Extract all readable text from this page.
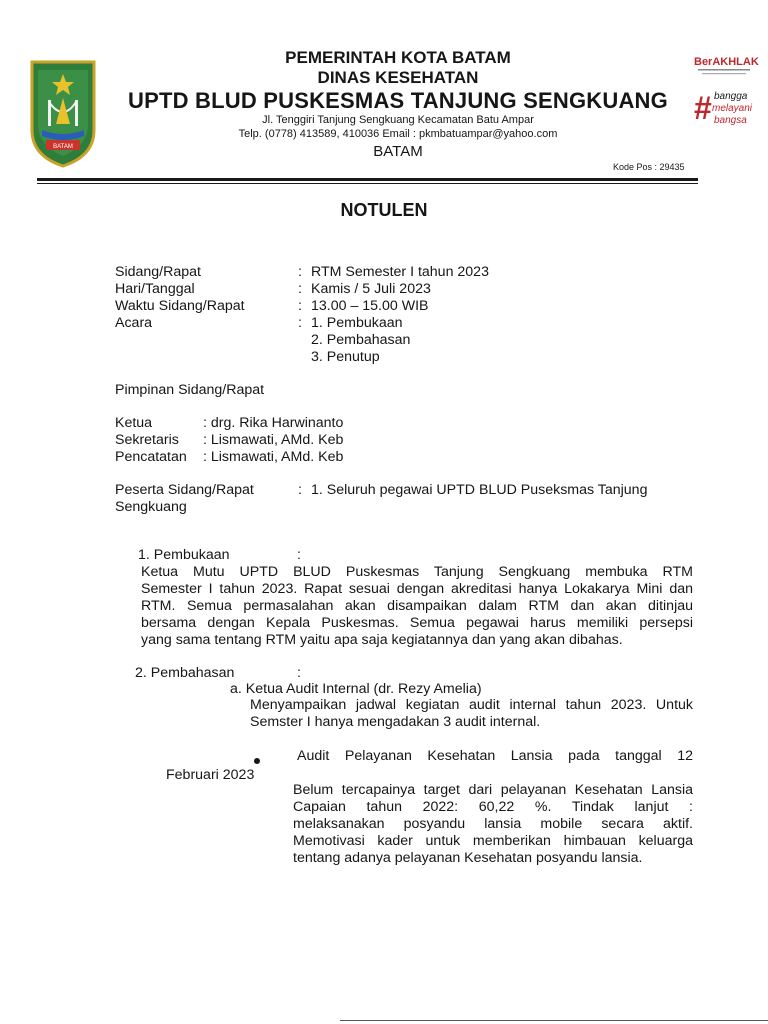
BATAM
BerAKHLAK
# bangga
melayani
bangsa
PEMERINTAH KOTA BATAM
DINAS KESEHATAN
UPTD BLUD PUSKESMAS TANJUNG SENGKUANG
Jl. Tenggiri Tanjung Sengkuang Kecamatan Batu Ampar
Telp. (0778) 413589, 410036 Email : pkmbatuampar@yahoo.com
BATAM
Kode Pos : 29435
NOTULEN
Sidang/Rapat	: RTM Semester I tahun 2023
Hari/Tanggal	: Kamis / 5 Juli 2023
Waktu Sidang/Rapat	: 13.00 – 15.00 WIB
Acara	: 1. Pembukaan
2. Pembahasan
3. Penutup
Pimpinan Sidang/Rapat
Ketua	: drg. Rika Harwinanto
Sekretaris : Lismawati, AMd. Keb
Pencatatan : Lismawati, AMd. Keb
Peserta Sidang/Rapat	: 1. Seluruh pegawai UPTD BLUD Puseksmas Tanjung
Sengkuang
1. Pembukaan	:
Ketua Mutu UPTD BLUD Puskesmas Tanjung Sengkuang membuka RTM
Semester I tahun 2023. Rapat sesuai dengan akreditasi hanya Lokakarya Mini dan
RTM. Semua permasalahan akan disampaikan dalam RTM dan akan ditinjau
bersama dengan Kepala Puskesmas. Semua pegawai harus memiliki persepsi
yang sama tentang RTM yaitu apa saja kegiatannya dan yang akan dibahas.
2. Pembahasan	:
a. Ketua Audit Internal (dr. Rezy Amelia)
Menyampaikan jadwal kegiatan audit internal tahun 2023. Untuk
Semster I hanya mengadakan 3 audit internal.
Audit Pelayanan Kesehatan Lansia pada tanggal 12
Februari 2023
Belum tercapainya target dari pelayanan Kesehatan Lansia
Capaian tahun 2022: 60,22 %. Tindak lanjut :
melaksanakan posyandu lansia mobile secara aktif.
Memotivasi kader untuk memberikan himbauan keluarga
tentang adanya pelayanan Kesehatan posyandu lansia.
